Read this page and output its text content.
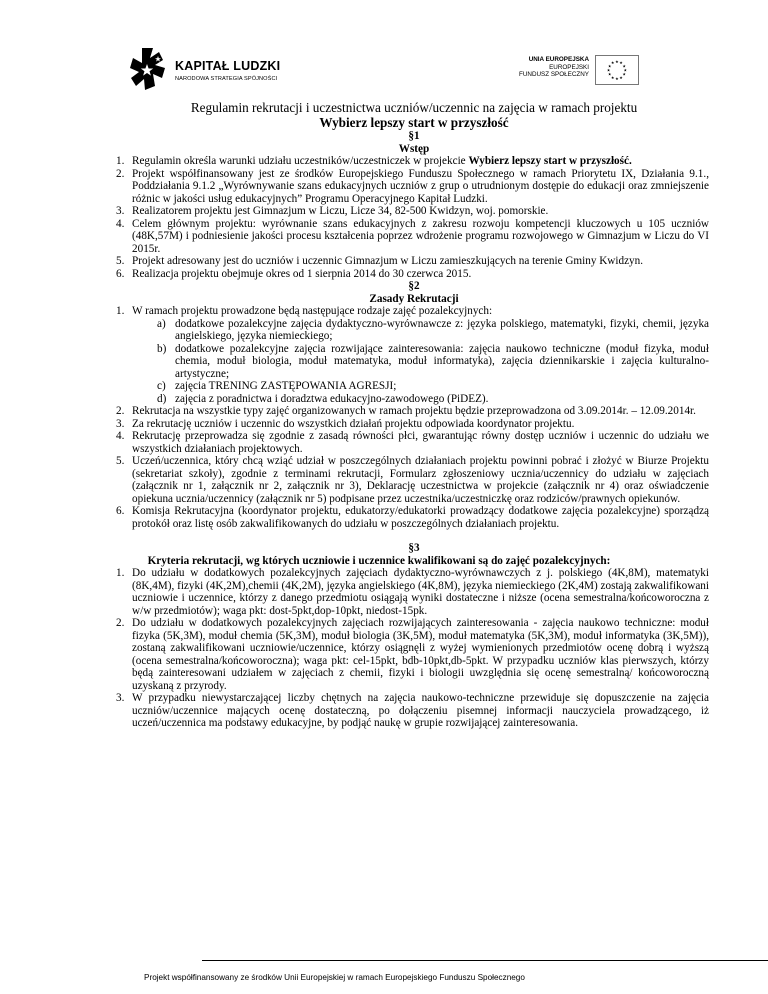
KAPITAŁ LUDZKI
NARODOWA STRATEGIA SPÓJNOŚCI
UNIA EUROPEJSKA
EUROPEJSKI
FUNDUSZ SPOŁECZNY
★ ★
★
★
★
★
★
★
★
★
★
★
Regulamin rekrutacji i uczestnictwa uczniów/uczennic na zajęcia w ramach projektu
Wybierz lepszy start w przyszłość
§1
Wstęp
1. Regulamin określa warunki udziału uczestników/uczestniczek w projekcie Wybierz lepszy start w przyszłość.
2. Projekt współfinansowany jest ze środków Europejskiego Funduszu Społecznego w ramach Priorytetu IX, Działania 9.1., Poddziałania 9.1.2 „Wyrównywanie szans edukacyjnych uczniów z grup o utrudnionym dostępie do edukacji oraz zmniejszenie różnic w jakości usług edukacyjnych” Programu Operacyjnego Kapitał Ludzki.
3. Realizatorem projektu jest Gimnazjum w Liczu, Licze 34, 82-500 Kwidzyn, woj. pomorskie.
4. Celem głównym projektu: wyrównanie szans edukacyjnych z zakresu rozwoju kompetencji kluczowych u 105 uczniów (48K,57M) i podniesienie jakości procesu kształcenia poprzez wdrożenie programu rozwojowego w Gimnazjum w Liczu do VI 2015r.
5. Projekt adresowany jest do uczniów i uczennic Gimnazjum w Liczu zamieszkujących na terenie Gminy Kwidzyn.
6. Realizacja projektu obejmuje okres od 1 sierpnia 2014 do 30 czerwca 2015.
§2
Zasady Rekrutacji
1. W ramach projektu prowadzone będą następujące rodzaje zajęć pozalekcyjnych:
a) dodatkowe pozalekcyjne zajęcia dydaktyczno-wyrównawcze z: języka polskiego, matematyki, fizyki, chemii, języka angielskiego, języka niemieckiego;
b) dodatkowe pozalekcyjne zajęcia rozwijające zainteresowania: zajęcia naukowo techniczne (moduł fizyka, moduł chemia, moduł biologia, moduł matematyka, moduł informatyka), zajęcia dziennikarskie i zajęcia kulturalno-artystyczne;
c) zajęcia TRENING ZASTĘPOWANIA AGRESJI;
d) zajęcia z poradnictwa i doradztwa edukacyjno-zawodowego (PiDEZ).
2. Rekrutacja na wszystkie typy zajęć organizowanych w ramach projektu będzie przeprowadzona od 3.09.2014r. – 12.09.2014r.
3. Za rekrutację uczniów i uczennic do wszystkich działań projektu odpowiada koordynator projektu.
4. Rekrutację przeprowadza się zgodnie z zasadą równości płci, gwarantując równy dostęp uczniów i uczennic do udziału we wszystkich działaniach projektowych.
5. Uczeń/uczennica, który chcą wziąć udział w poszczególnych działaniach projektu powinni pobrać i złożyć w Biurze Projektu (sekretariat szkoły), zgodnie z terminami rekrutacji, Formularz zgłoszeniowy ucznia/uczennicy do udziału w zajęciach (załącznik nr 1, załącznik nr 2, załącznik nr 3), Deklarację uczestnictwa w projekcie (załącznik nr 4) oraz oświadczenie opiekuna ucznia/uczennicy (załącznik nr 5) podpisane przez uczestnika/uczestniczkę oraz rodziców/prawnych opiekunów.
6. Komisja Rekrutacyjna (koordynator projektu, edukatorzy/edukatorki prowadzący dodatkowe zajęcia pozalekcyjne) sporządzą protokół oraz listę osób zakwalifikowanych do udziału w poszczególnych działaniach projektu.
§3
Kryteria rekrutacji, wg których uczniowie i uczennice kwalifikowani są do zajęć pozalekcyjnych:
1. Do udziału w dodatkowych pozalekcyjnych zajęciach dydaktyczno-wyrównawczych z j. polskiego (4K,8M), matematyki (8K,4M), fizyki (4K,2M),chemii (4K,2M), języka angielskiego (4K,8M), języka niemieckiego (2K,4M) zostają zakwalifikowani uczniowie i uczennice, którzy z danego przedmiotu osiągają wyniki dostateczne i niższe (ocena semestralna/końcoworoczna z w/w przedmiotów); waga pkt: dost-5pkt,dop-10pkt, niedost-15pk.
2. Do udziału w dodatkowych pozalekcyjnych zajęciach rozwijających zainteresowania - zajęcia naukowo techniczne: moduł fizyka (5K,3M), moduł chemia (5K,3M), moduł biologia (3K,5M), moduł matematyka (5K,3M), moduł informatyka (3K,5M)), zostaną zakwalifikowani uczniowie/uczennice, którzy osiągnęli z wyżej wymienionych przedmiotów ocenę dobrą i wyższą (ocena semestralna/końcoworoczna); waga pkt: cel-15pkt, bdb-10pkt,db-5pkt. W przypadku uczniów klas pierwszych, którzy będą zainteresowani udziałem w zajęciach z chemii, fizyki i biologii uwzględnia się ocenę semestralną/ końcoworoczną uzyskaną z przyrody.
3. W przypadku niewystarczającej liczby chętnych na zajęcia naukowo-techniczne przewiduje się dopuszczenie na zajęcia uczniów/uczennice mających ocenę dostateczną, po dołączeniu pisemnej informacji nauczyciela prowadzącego, iż uczeń/uczennica ma podstawy edukacyjne, by podjąć naukę w grupie rozwijającej zainteresowania.
Projekt współfinansowany ze środków Unii Europejskiej w ramach Europejskiego Funduszu Społecznego
